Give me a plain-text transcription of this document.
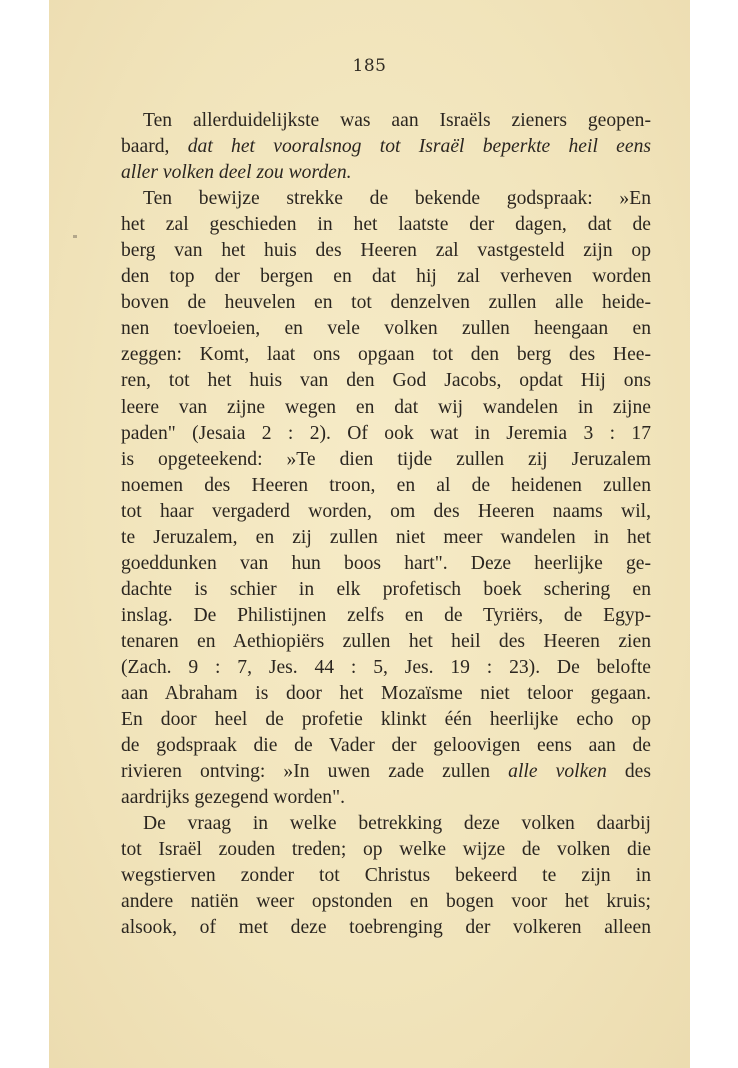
185
Ten allerduidelijkste was aan Israëls zieners geopen-
baard, dat het vooralsnog tot Israël beperkte heil eens
aller volken deel zou worden.
Ten bewijze strekke de bekende godspraak: »En
het zal geschieden in het laatste der dagen, dat de
berg van het huis des Heeren zal vastgesteld zijn op
den top der bergen en dat hij zal verheven worden
boven de heuvelen en tot denzelven zullen alle heide-
nen toevloeien, en vele volken zullen heengaan en
zeggen: Komt, laat ons opgaan tot den berg des Hee-
ren, tot het huis van den God Jacobs, opdat Hij ons
leere van zijne wegen en dat wij wandelen in zijne
paden" (Jesaia 2 : 2). Of ook wat in Jeremia 3 : 17
is opgeteekend: »Te dien tijde zullen zij Jeruzalem
noemen des Heeren troon, en al de heidenen zullen
tot haar vergaderd worden, om des Heeren naams wil,
te Jeruzalem, en zij zullen niet meer wandelen in het
goeddunken van hun boos hart". Deze heerlijke ge-
dachte is schier in elk profetisch boek schering en
inslag. De Philistijnen zelfs en de Tyriërs, de Egyp-
tenaren en Aethiopiërs zullen het heil des Heeren zien
(Zach. 9 : 7, Jes. 44 : 5, Jes. 19 : 23). De belofte
aan Abraham is door het Mozaïsme niet teloor gegaan.
En door heel de profetie klinkt één heerlijke echo op
de godspraak die de Vader der geloovigen eens aan de
rivieren ontving: »In uwen zade zullen alle volken des
aardrijks gezegend worden".
De vraag in welke betrekking deze volken daarbij
tot Israël zouden treden; op welke wijze de volken die
wegstierven zonder tot Christus bekeerd te zijn in
andere natiën weer opstonden en bogen voor het kruis;
alsook, of met deze toebrenging der volkeren alleen
